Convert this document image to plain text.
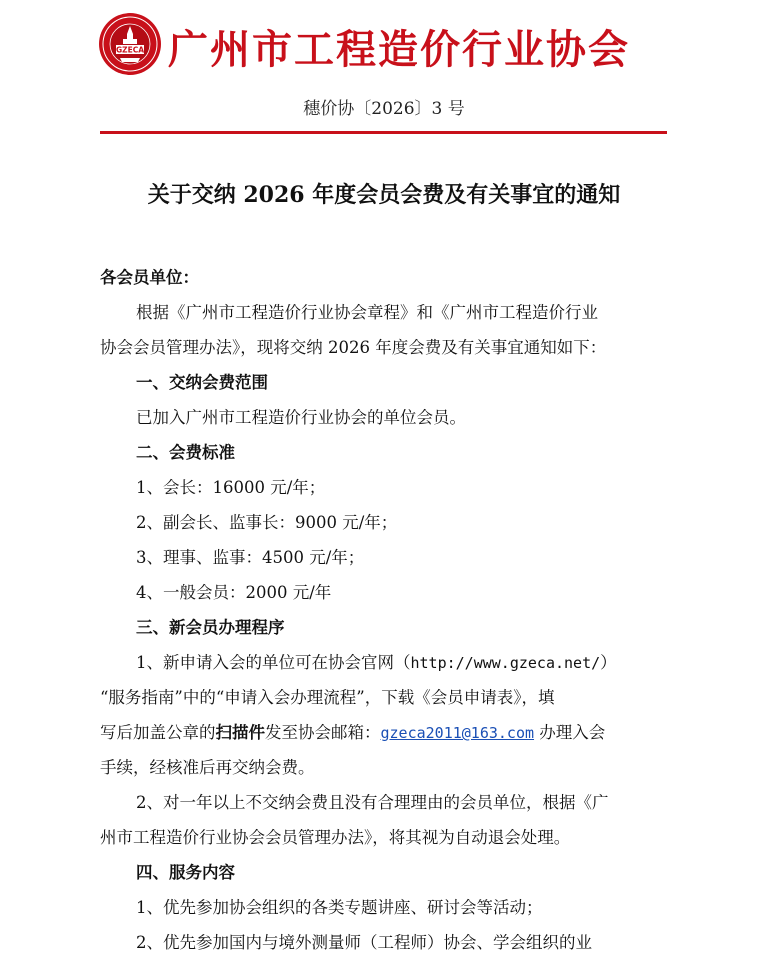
GZECA 广州市工程造价行业协会
穗价协〔2026〕3 号
关于交纳 2026 年度会员会费及有关事宜的通知
各会员单位：
根据《广州市工程造价行业协会章程》和《广州市工程造价行业
协会会员管理办法》，现将交纳 2026 年度会费及有关事宜通知如下：
一、交纳会费范围
已加入广州市工程造价行业协会的单位会员。
二、会费标准
1、会长：16000 元/年；
2、副会长、监事长：9000 元/年；
3、理事、监事：4500 元/年；
4、一般会员：2000 元/年
三、新会员办理程序
1、新申请入会的单位可在协会官网（http://www.gzeca.net/）
“服务指南”中的“申请入会办理流程”，下载《会员申请表》，填
写后加盖公章的扫描件发至协会邮箱：gzeca2011@163.com 办理入会
手续，经核准后再交纳会费。
2、对一年以上不交纳会费且没有合理理由的会员单位，根据《广
州市工程造价行业协会会员管理办法》，将其视为自动退会处理。
四、服务内容
1、优先参加协会组织的各类专题讲座、研讨会等活动；
2、优先参加国内与境外测量师（工程师）协会、学会组织的业
